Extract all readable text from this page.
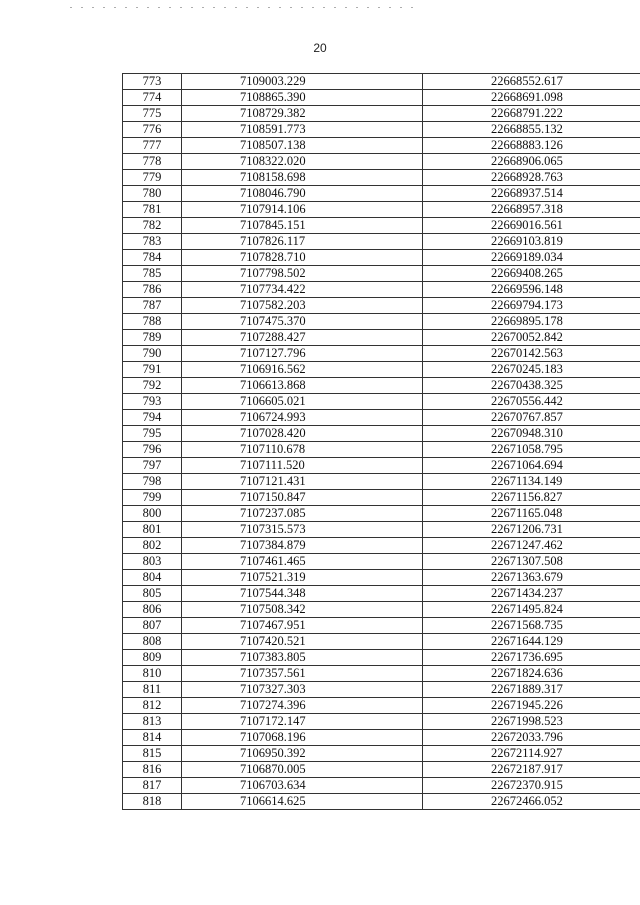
20
773	7109003.229	22668552.617
774	7108865.390	22668691.098
775	7108729.382	22668791.222
776	7108591.773	22668855.132
777	7108507.138	22668883.126
778	7108322.020	22668906.065
779	7108158.698	22668928.763
780	7108046.790	22668937.514
781	7107914.106	22668957.318
782	7107845.151	22669016.561
783	7107826.117	22669103.819
784	7107828.710	22669189.034
785	7107798.502	22669408.265
786	7107734.422	22669596.148
787	7107582.203	22669794.173
788	7107475.370	22669895.178
789	7107288.427	22670052.842
790	7107127.796	22670142.563
791	7106916.562	22670245.183
792	7106613.868	22670438.325
793	7106605.021	22670556.442
794	7106724.993	22670767.857
795	7107028.420	22670948.310
796	7107110.678	22671058.795
797	7107111.520	22671064.694
798	7107121.431	22671134.149
799	7107150.847	22671156.827
800	7107237.085	22671165.048
801	7107315.573	22671206.731
802	7107384.879	22671247.462
803	7107461.465	22671307.508
804	7107521.319	22671363.679
805	7107544.348	22671434.237
806	7107508.342	22671495.824
807	7107467.951	22671568.735
808	7107420.521	22671644.129
809	7107383.805	22671736.695
810	7107357.561	22671824.636
811	7107327.303	22671889.317
812	7107274.396	22671945.226
813	7107172.147	22671998.523
814	7107068.196	22672033.796
815	7106950.392	22672114.927
816	7106870.005	22672187.917
817	7106703.634	22672370.915
818	7106614.625	22672466.052
